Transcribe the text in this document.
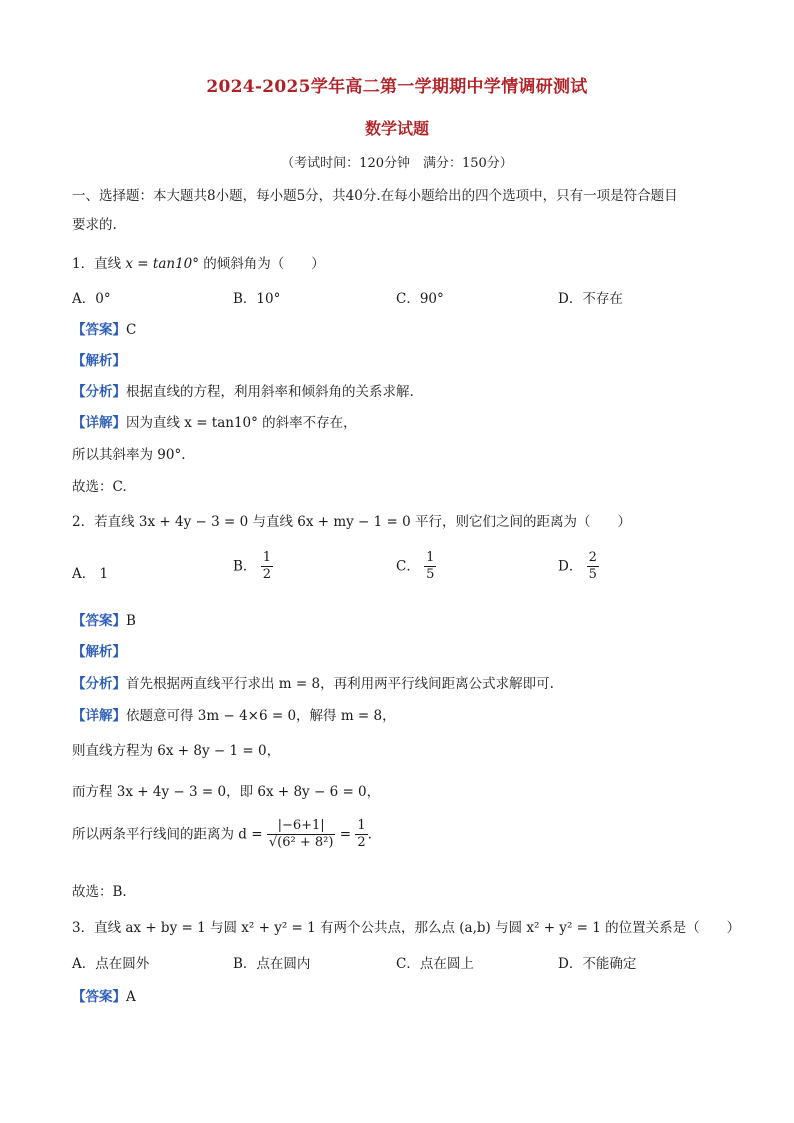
2024-2025学年高二第一学期期中学情调研测试
数学试题
（考试时间：120分钟　满分：150分）
一、选择题：本大题共8小题，每小题5分，共40分.在每小题给出的四个选项中，只有一项是符合题目
要求的.
1．直线 x = tan10° 的倾斜角为（　　）
A．0°	B．10°	C．90°	D．不存在
【答案】C
【解析】
【分析】根据直线的方程，利用斜率和倾斜角的关系求解.
【详解】因为直线 x = tan10° 的斜率不存在，
所以其斜率为 90°.
故选：C.
2．若直线 3x + 4y − 3 = 0 与直线 6x + my − 1 = 0 平行，则它们之间的距离为（　　）
A． 1	B． $\frac{1}{2}$	C． $\frac{1}{5}$	D． $\frac{2}{5}$
【答案】B
【解析】
【分析】首先根据两直线平行求出 m = 8，再利用两平行线间距离公式求解即可.
【详解】依题意可得 3m − 4×6 = 0，解得 m = 8，
则直线方程为 6x + 8y − 1 = 0，
而方程 3x + 4y − 3 = 0，即 6x + 8y − 6 = 0，
所以两条平行线间的距离为 $d = \frac{|-6+1|}{\text{√(6² + 8²)}} = \frac{1}{2}$ .
故选：B.
3．直线 ax + by = 1 与圆 x² + y² = 1 有两个公共点，那么点 (a,b) 与圆 x² + y² = 1 的位置关系是（　　）
A．点在圆外	B．点在圆内	C．点在圆上	D．不能确定
【答案】A
